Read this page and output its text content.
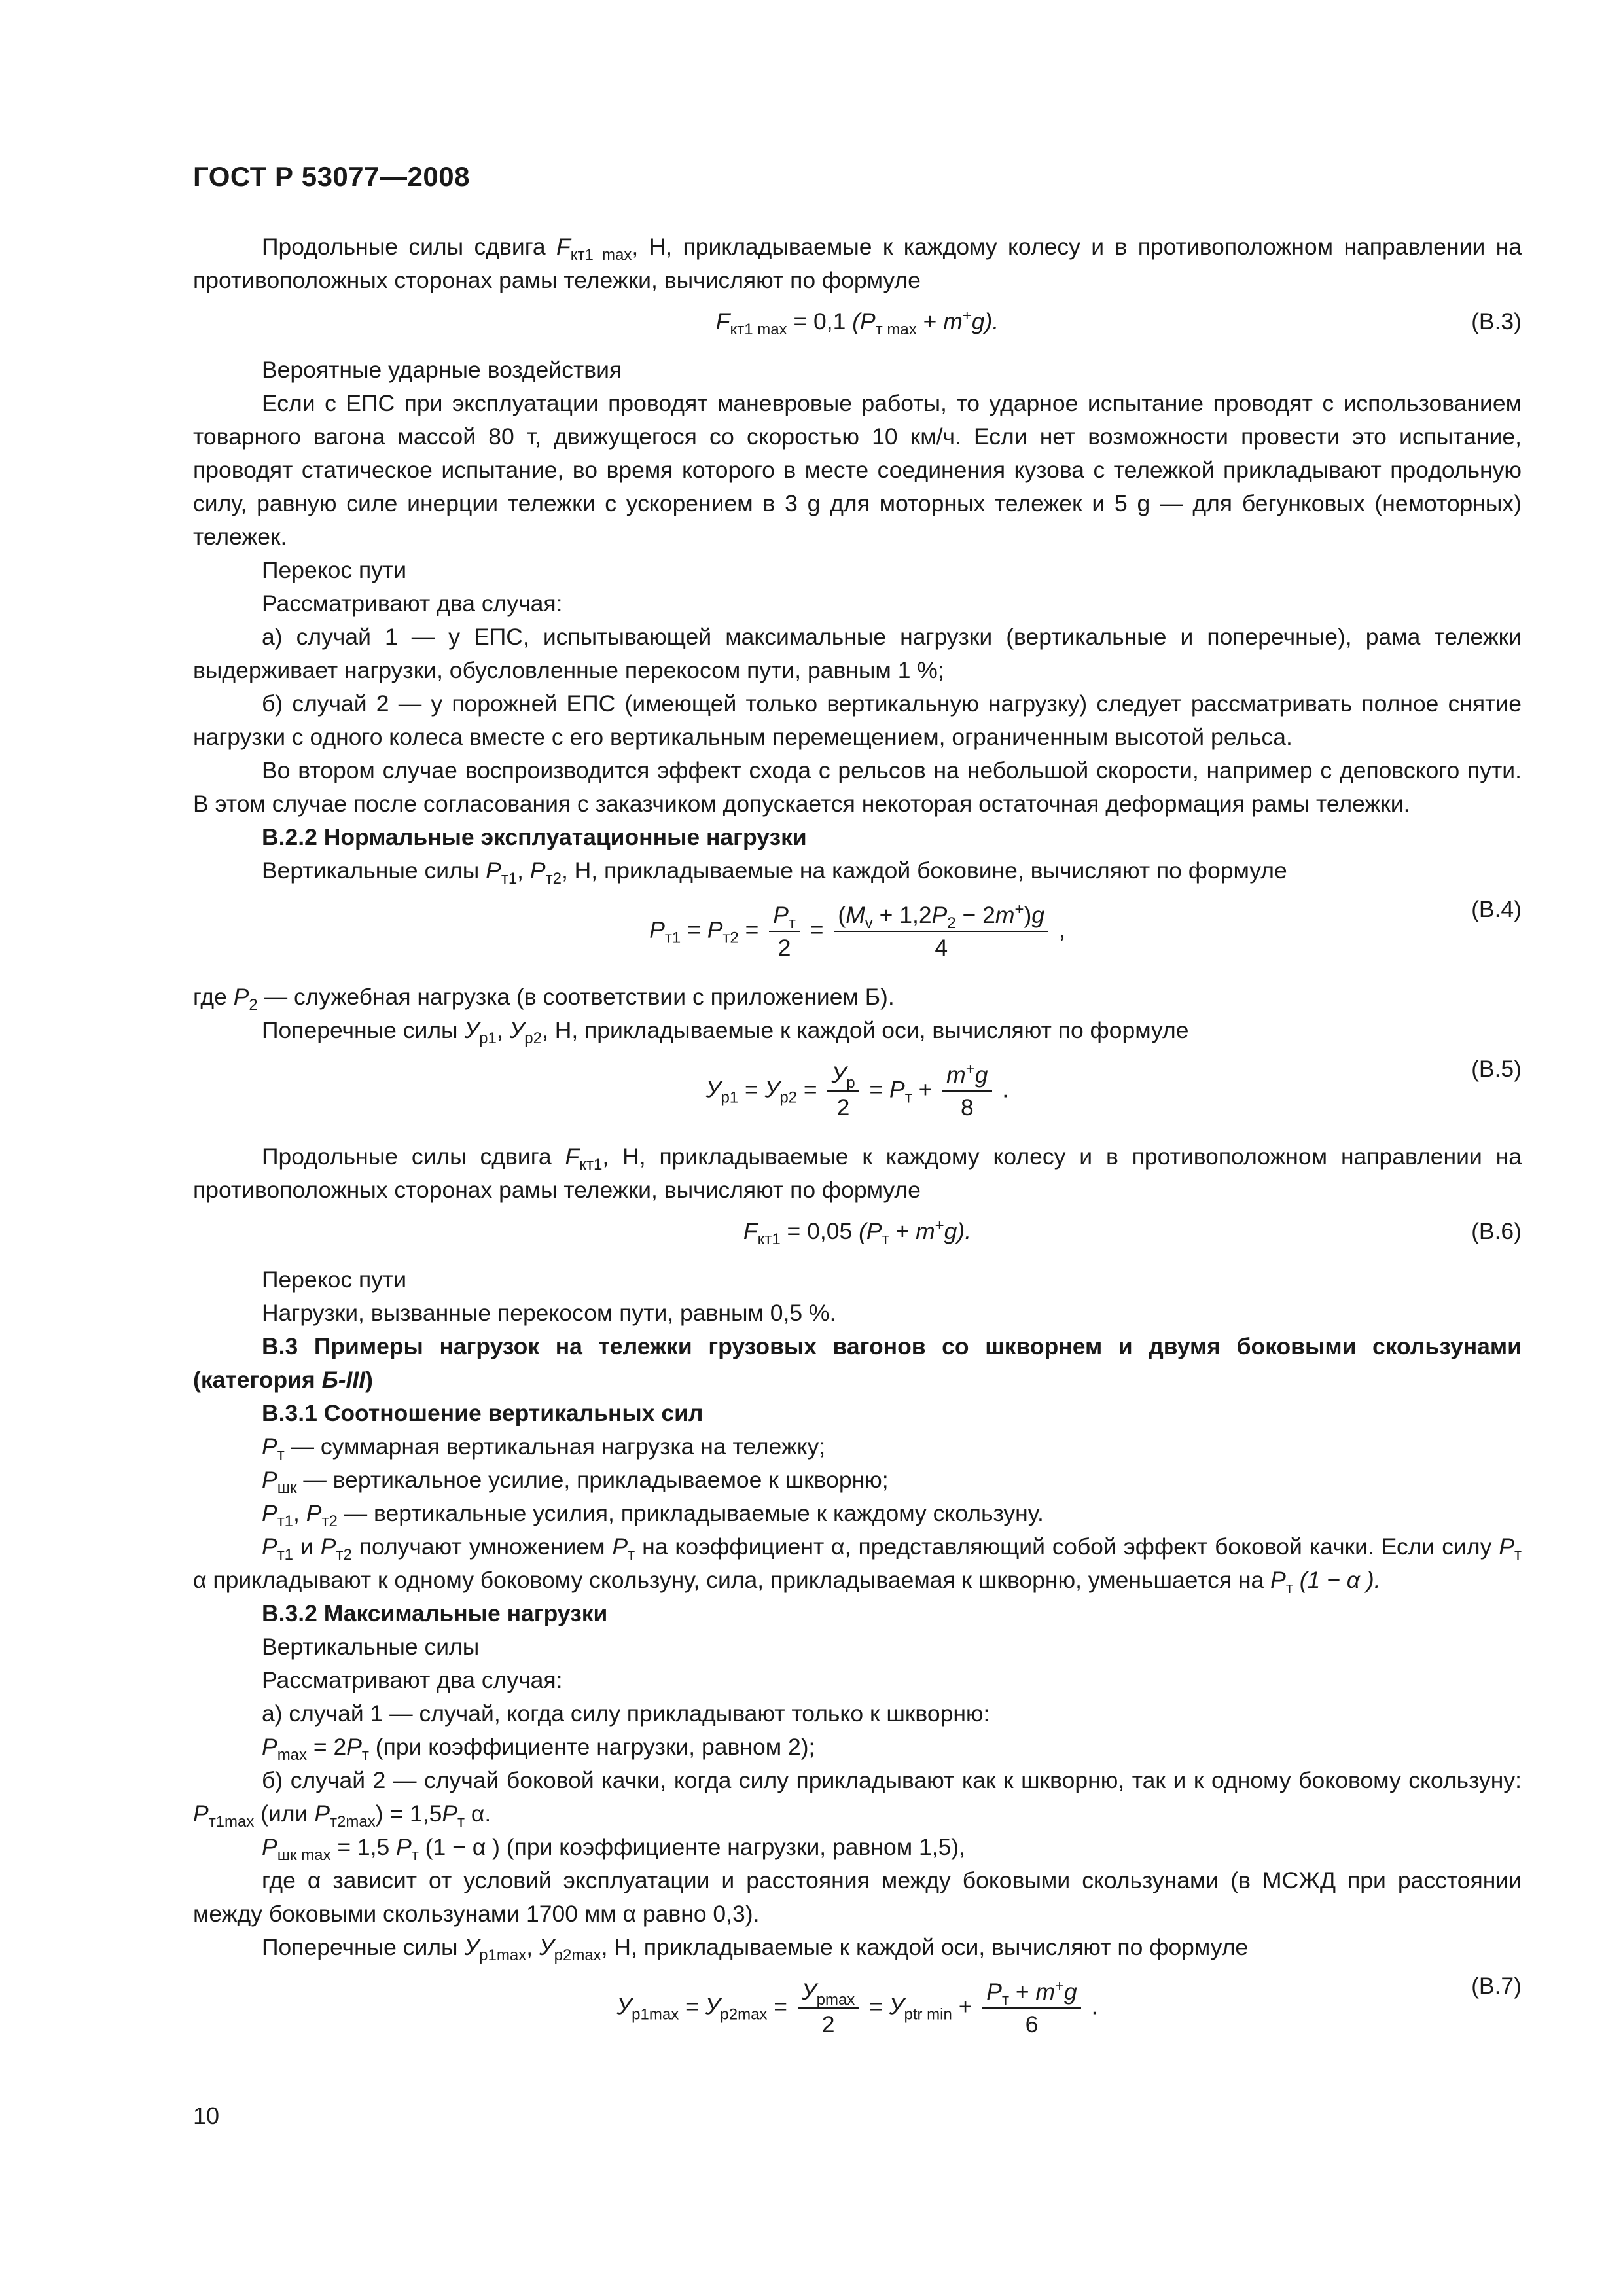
ГОСТ Р 53077—2008

Продольные силы сдвига $F_{кт1 max}$, Н, прикладываемые к каждому колесу и в противоположном направлении на противоположных сторонах рамы тележки, вычисляют по формуле

$F_{кт1 max} = 0,1$ $(P_{т max} + m^+g)$.	(В.3)

Вероятные ударные воздействия

Если с ЕПС при эксплуатации проводят маневровые работы, то ударное испытание проводят с использованием товарного вагона массой 80 т, движущегося со скоростью 10 км/ч. Если нет возможности провести это испытание, проводят статическое испытание, во время которого в месте соединения кузова с тележкой прикладывают продольную силу, равную силе инерции тележки с ускорением в 3 g для моторных тележек и 5 g — для бегунковых (немоторных) тележек.

Перекос пути

Рассматривают два случая:

а) случай 1 — у ЕПС, испытывающей максимальные нагрузки (вертикальные и поперечные), рама тележки выдерживает нагрузки, обусловленные перекосом пути, равным 1 %;

б) случай 2 — у порожней ЕПС (имеющей только вертикальную нагрузку) следует рассматривать полное снятие нагрузки с одного колеса вместе с его вертикальным перемещением, ограниченным высотой рельса.

Во втором случае воспроизводится эффект схода с рельсов на небольшой скорости, например с деповского пути. В этом случае после согласования с заказчиком допускается некоторая остаточная деформация рамы тележки.

В.2.2 Нормальные эксплуатационные нагрузки

Вертикальные силы $P_{т1}$, $P_{т2}$, Н, прикладываемые на каждой боковине, вычисляют по формуле

$P_{т1} = P_{т2} = \frac{P_т}{2} = \frac{(M_v + 1,2P_2 - 2m^+)g}{4}$ ,
(В.4)

где $P_2$ — служебная нагрузка (в соответствии с приложением Б).

Поперечные силы $У_{р1}$, $У_{р2}$, Н, прикладываемые к каждой оси, вычисляют по формуле

$У_{р1} = У_{р2} = \frac{У_р}{2} = P_т + \frac{m^+g}{8}$ .
(В.5)

Продольные силы сдвига $F_{кт1}$, Н, прикладываемые к каждому колесу и в противоположном направлении на противоположных сторонах рамы тележки, вычисляют по формуле

$F_{кт1} = 0,05$ $(P_т + m^+g)$.	(В.6)

Перекос пути

Нагрузки, вызванные перекосом пути, равным 0,5 %.

В.3 Примеры нагрузок на тележки грузовых вагонов со шкворнем и двумя боковыми скользунами (категория Б-III)

В.3.1 Соотношение вертикальных сил

$P_т$ — суммарная вертикальная нагрузка на тележку;

$P_{шк}$ — вертикальное усилие, прикладываемое к шкворню;

$P_{т1}$, $P_{т2}$ — вертикальные усилия, прикладываемые к каждому скользуну.

$P_{т1}$ и $P_{т2}$ получают умножением $P_т$ на коэффициент α, представляющий собой эффект боковой качки. Если силу $P_т$ α прикладывают к одному боковому скользуну, сила, прикладываемая к шкворню, уменьшается на $P_т$ (1 − α ).

В.3.2 Максимальные нагрузки

Вертикальные силы

Рассматривают два случая:

а) случай 1 — случай, когда силу прикладывают только к шкворню:

$P_{max} = 2P_т$ (при коэффициенте нагрузки, равном 2);

б) случай 2 — случай боковой качки, когда силу прикладывают как к шкворню, так и к одному боковому скользуну: $P_{т1max}$ (или $P_{т2max}) = 1,5P_т$ α.

$P_{шк max} = 1,5$ $P_т$ (1 − α ) (при коэффициенте нагрузки, равном 1,5),

где α зависит от условий эксплуатации и расстояния между боковыми скользунами (в МСЖД при расстоянии между боковыми скользунами 1700 мм α равно 0,3).

Поперечные силы $У_{р1max}$, $У_{р2max}$, Н, прикладываемые к каждой оси, вычисляют по формуле

$У_{р1max} = У_{р2max} = \frac{У_{рmax}}{2} = У_{ptr min} + \frac{P_т + m^+g}{6}$ .
(В.7)
10
